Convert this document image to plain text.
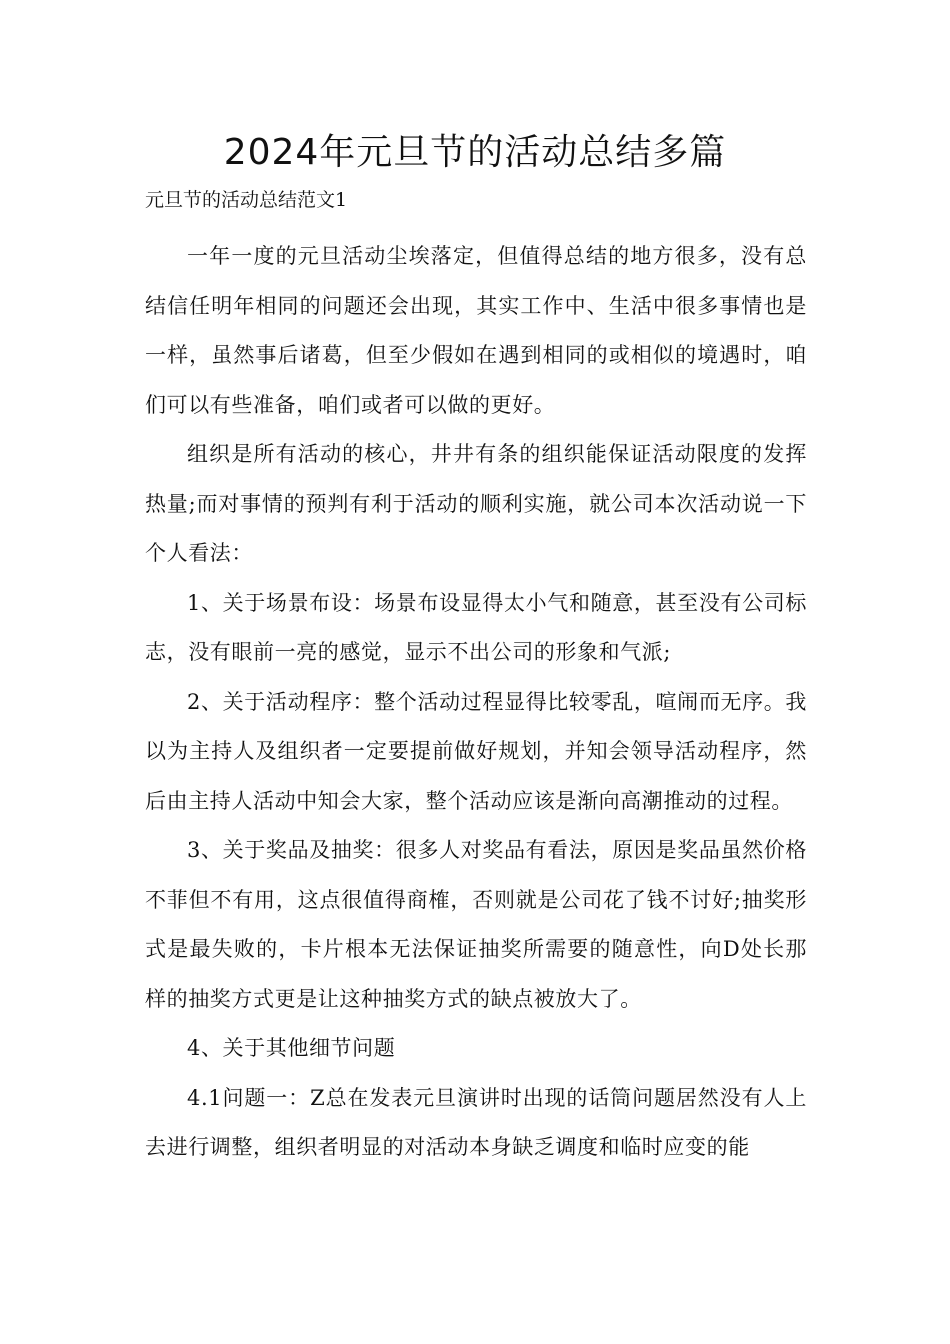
2024年元旦节的活动总结多篇

元旦节的活动总结范文1

一年一度的元旦活动尘埃落定，但值得总结的地方很多，没有总结信任明年相同的问题还会出现，其实工作中、生活中很多事情也是一样，虽然事后诸葛，但至少假如在遇到相同的或相似的境遇时，咱们可以有些准备，咱们或者可以做的更好。

组织是所有活动的核心，井井有条的组织能保证活动限度的发挥热量;而对事情的预判有利于活动的顺利实施，就公司本次活动说一下个人看法：

1、关于场景布设：场景布设显得太小气和随意，甚至没有公司标志，没有眼前一亮的感觉，显示不出公司的形象和气派;

2、关于活动程序：整个活动过程显得比较零乱，喧闹而无序。我以为主持人及组织者一定要提前做好规划，并知会领导活动程序，然后由主持人活动中知会大家，整个活动应该是渐向高潮推动的过程。

3、关于奖品及抽奖：很多人对奖品有看法，原因是奖品虽然价格不菲但不有用，这点很值得商榷，否则就是公司花了钱不讨好;抽奖形式是最失败的，卡片根本无法保证抽奖所需要的随意性，向D处长那样的抽奖方式更是让这种抽奖方式的缺点被放大了。

4、关于其他细节问题

4.1问题一：Z总在发表元旦演讲时出现的话筒问题居然没有人上去进行调整，组织者明显的对活动本身缺乏调度和临时应变的能
